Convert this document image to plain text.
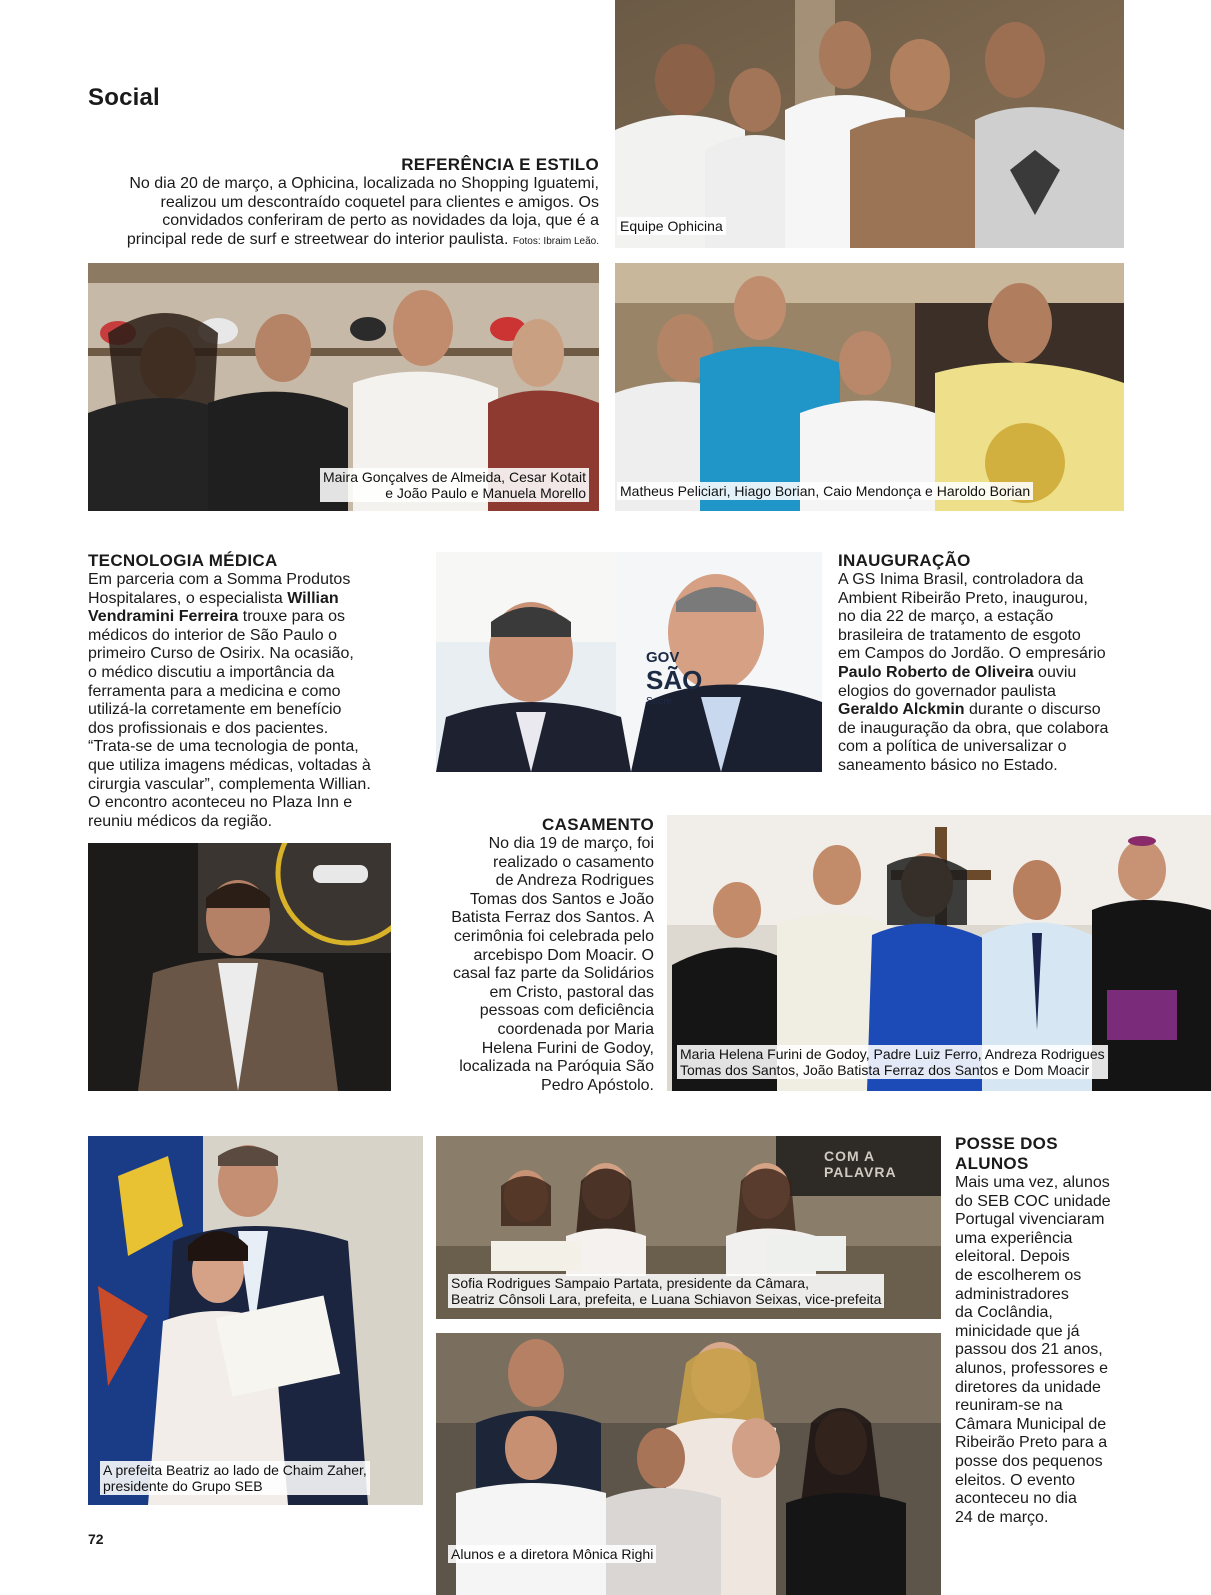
Social
REFERÊNCIA E ESTILO
No dia 20 de março, a Ophicina, localizada no Shopping Iguatemi,
realizou um descontraído coquetel para clientes e amigos. Os
convidados conferiram de perto as novidades da loja, que é a
principal rede de surf e streetwear do interior paulista. Fotos: Ibraim Leão.
Equipe Ophicina
Maira Gonçalves de Almeida, Cesar Kotait
e João Paulo e Manuela Morello Matheus Peliciari, Hiago Borian, Caio Mendonça e Haroldo Borian
TECNOLOGIA MÉDICA
Em parceria com a Somma Produtos
Hospitalares, o especialista Willian
Vendramini Ferreira trouxe para os
médicos do interior de São Paulo o
primeiro Curso de Osirix. Na ocasião,
o médico discutiu a importância da
ferramenta para a medicina e como
utilizá-la corretamente em benefício
dos profissionais e dos pacientes.
“Trata-se de uma tecnologia de ponta,
que utiliza imagens médicas, voltadas à
cirurgia vascular”, complementa Willian.
O encontro aconteceu no Plaza Inn e
reuniu médicos da região.
GOV
SÃO
Secre
INAUGURAÇÃO
A GS Inima Brasil, controladora da
Ambient Ribeirão Preto, inaugurou,
no dia 22 de março, a estação
brasileira de tratamento de esgoto
em Campos do Jordão. O empresário
Paulo Roberto de Oliveira ouviu
elogios do governador paulista
Geraldo Alckmin durante o discurso
de inauguração da obra, que colabora
com a política de universalizar o
saneamento básico no Estado.
CASAMENTO
No dia 19 de março, foi
realizado o casamento
de Andreza Rodrigues
Tomas dos Santos e João
Batista Ferraz dos Santos. A
cerimônia foi celebrada pelo
arcebispo Dom Moacir. O
casal faz parte da Solidários
em Cristo, pastoral das
pessoas com deficiência
coordenada por Maria
Helena Furini de Godoy,
localizada na Paróquia São
Pedro Apóstolo.
Maria Helena Furini de Godoy, Padre Luiz Ferro, Andreza Rodrigues
Tomas dos Santos, João Batista Ferraz dos Santos e Dom Moacir
A prefeita Beatriz ao lado de Chaim Zaher,
presidente do Grupo SEB
COM A PALAVRA
Sofia Rodrigues Sampaio Partata, presidente da Câmara,
Beatriz Cônsoli Lara, prefeita, e Luana Schiavon Seixas, vice-prefeita
Alunos e a diretora Mônica Righi
POSSE DOS ALUNOS
Mais uma vez, alunos
do SEB COC unidade
Portugal vivenciaram
uma experiência
eleitoral. Depois
de escolherem os
administradores
da Coclândia,
minicidade que já
passou dos 21 anos,
alunos, professores e
diretores da unidade
reuniram-se na
Câmara Municipal de
Ribeirão Preto para a
posse dos pequenos
eleitos. O evento
aconteceu no dia
24 de março.
72
